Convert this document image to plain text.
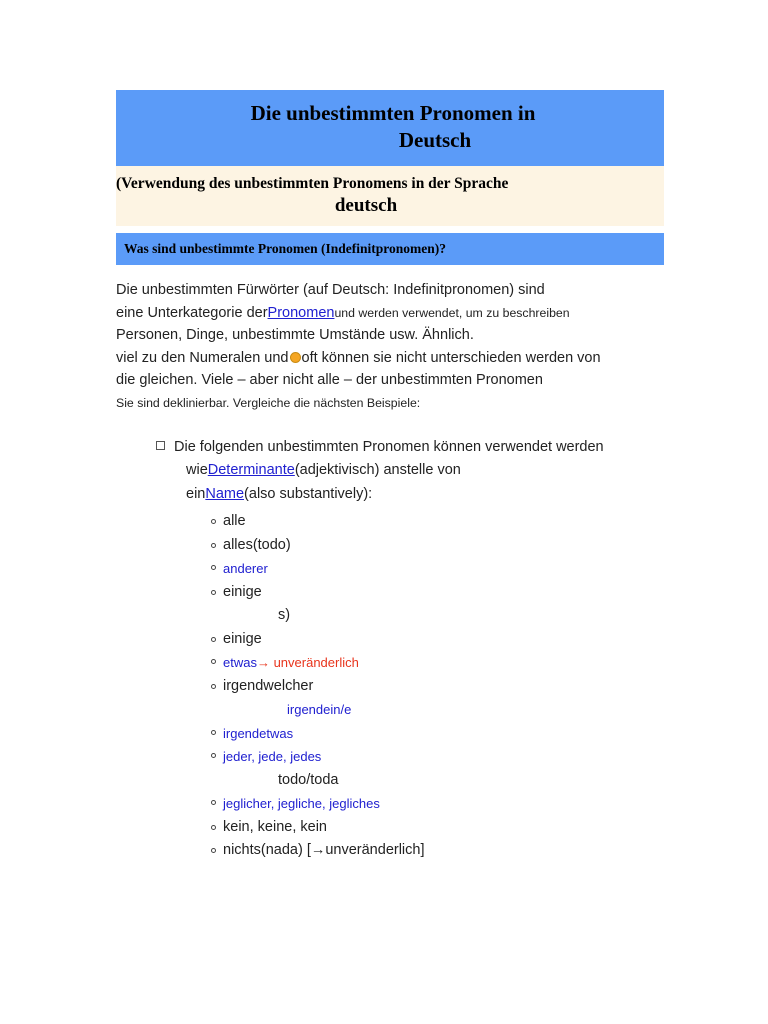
Die unbestimmten Pronomen in
Deutsch
(Verwendung des unbestimmten Pronomens in der Sprache
deutsch
Was sind unbestimmte Pronomen (Indefinitpronomen)?
Die unbestimmten Fürwörter (auf Deutsch: Indefinitpronomen) sind
eine Unterkategorie derPronomenund werden verwendet, um zu beschreiben
Personen, Dinge, unbestimmte Umstände usw. Ähnlich.
viel zu den Numeralen und oft können sie nicht unterschieden werden von
die gleichen. Viele – aber nicht alle – der unbestimmten Pronomen
Sie sind deklinierbar. Vergleiche die nächsten Beispiele:
Die folgenden unbestimmten Pronomen können verwendet werden
wieDeterminante(adjektivisch) anstelle von
einName(also substantively):
alle
alles(todo)
anderer
einige
s)
einige
etwas→ unveränderlich
irgendwelcher
irgendein/e
irgendetwas
jeder, jede, jedes
todo/toda
jeglicher, jegliche, jegliches
kein, keine, kein
nichts(nada) [→unveränderlich]
